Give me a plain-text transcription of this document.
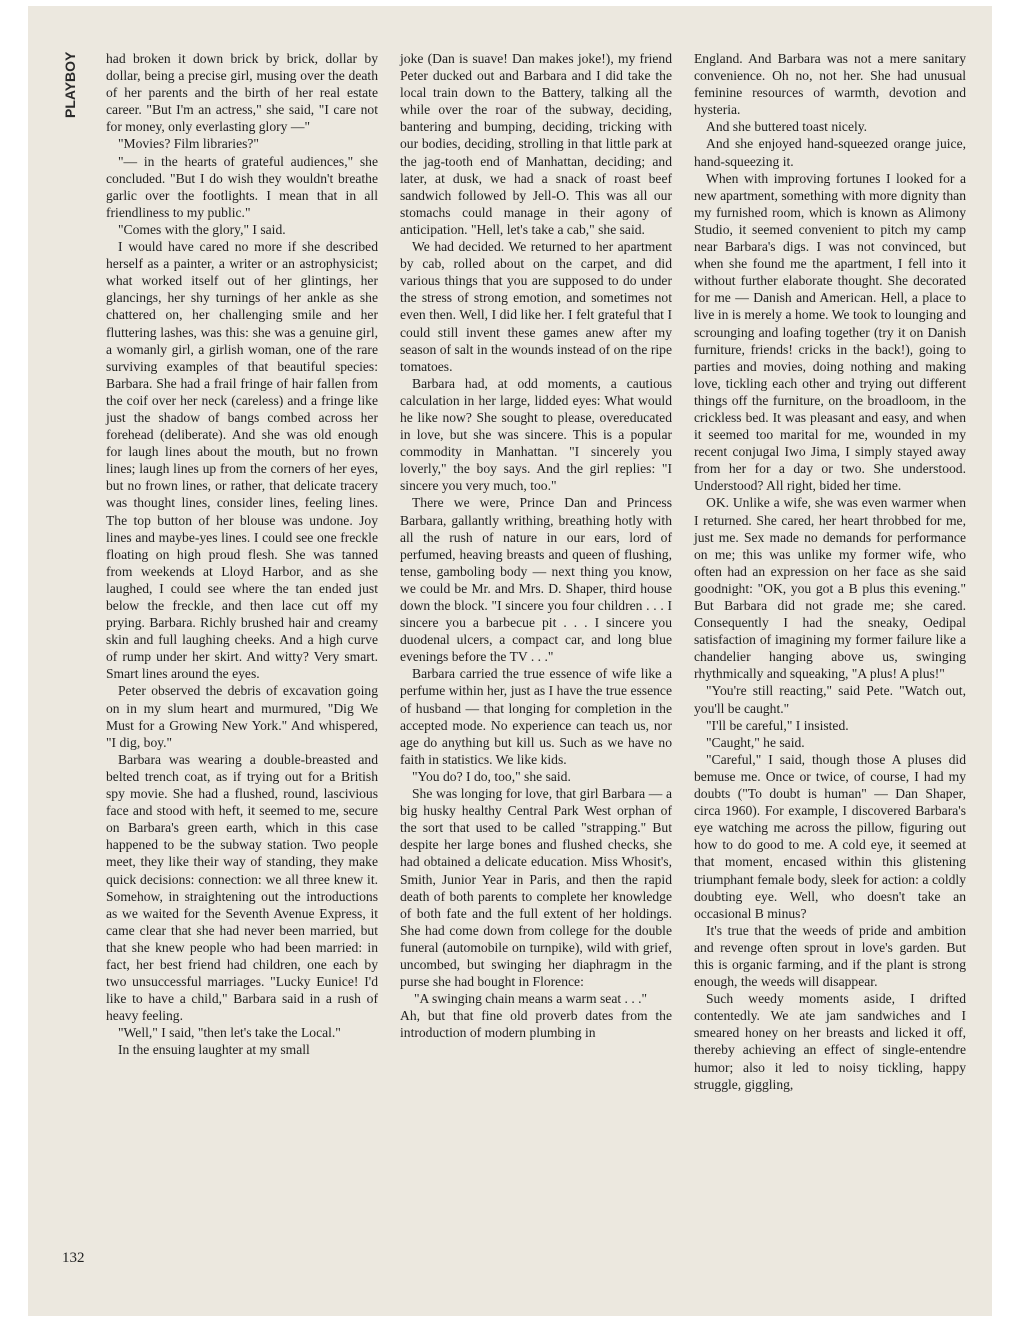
PLAYBOY
132

had broken it down brick by brick, dollar by dollar, being a precise girl, musing over the death of her parents and the birth of her real estate career. "But I'm an actress," she said, "I care not for money, only everlasting glory —"

"Movies? Film libraries?"

"— in the hearts of grateful audiences," she concluded. "But I do wish they wouldn't breathe garlic over the footlights. I mean that in all friendliness to my public."

"Comes with the glory," I said.

I would have cared no more if she described herself as a painter, a writer or an astrophysicist; what worked itself out of her glintings, her glancings, her shy turnings of her ankle as she chattered on, her challenging smile and her fluttering lashes, was this: she was a genuine girl, a womanly girl, a girlish woman, one of the rare surviving examples of that beautiful species: Barbara. She had a frail fringe of hair fallen from the coif over her neck (careless) and a fringe like just the shadow of bangs combed across her forehead (deliberate). And she was old enough for laugh lines about the mouth, but no frown lines; laugh lines up from the corners of her eyes, but no frown lines, or rather, that delicate tracery was thought lines, consider lines, feeling lines. The top button of her blouse was undone. Joy lines and maybe-yes lines. I could see one freckle floating on high proud flesh. She was tanned from weekends at Lloyd Harbor, and as she laughed, I could see where the tan ended just below the freckle, and then lace cut off my prying. Barbara. Richly brushed hair and creamy skin and full laughing cheeks. And a high curve of rump under her skirt. And witty? Very smart. Smart lines around the eyes.

Peter observed the debris of excavation going on in my slum heart and murmured, "Dig We Must for a Growing New York." And whispered, "I dig, boy."

Barbara was wearing a double-breasted and belted trench coat, as if trying out for a British spy movie. She had a flushed, round, lascivious face and stood with heft, it seemed to me, secure on Barbara's green earth, which in this case happened to be the subway station. Two people meet, they like their way of standing, they make quick decisions: connection: we all three knew it. Somehow, in straightening out the introductions as we waited for the Seventh Avenue Express, it came clear that she had never been married, but that she knew people who had been married: in fact, her best friend had children, one each by two unsuccessful marriages. "Lucky Eunice! I'd like to have a child," Barbara said in a rush of heavy feeling.

"Well," I said, "then let's take the Local."

In the ensuing laughter at my small

joke (Dan is suave! Dan makes joke!), my friend Peter ducked out and Barbara and I did take the local train down to the Battery, talking all the while over the roar of the subway, deciding, bantering and bumping, deciding, tricking with our bodies, deciding, strolling in that little park at the jag-tooth end of Manhattan, deciding; and later, at dusk, we had a snack of roast beef sandwich followed by Jell-O. This was all our stomachs could manage in their agony of anticipation. "Hell, let's take a cab," she said.

We had decided. We returned to her apartment by cab, rolled about on the carpet, and did various things that you are supposed to do under the stress of strong emotion, and sometimes not even then. Well, I did like her. I felt grateful that I could still invent these games anew after my season of salt in the wounds instead of on the ripe tomatoes.

Barbara had, at odd moments, a cautious calculation in her large, lidded eyes: What would he like now? She sought to please, overeducated in love, but she was sincere. This is a popular commodity in Manhattan. "I sincerely you loverly," the boy says. And the girl replies: "I sincere you very much, too."

There we were, Prince Dan and Princess Barbara, gallantly writhing, breathing hotly with all the rush of nature in our ears, lord of perfumed, heaving breasts and queen of flushing, tense, gamboling body — next thing you know, we could be Mr. and Mrs. D. Shaper, third house down the block. "I sincere you four children . . . I sincere you a barbecue pit . . . I sincere you duodenal ulcers, a compact car, and long blue evenings before the TV . . ."

Barbara carried the true essence of wife like a perfume within her, just as I have the true essence of husband — that longing for completion in the accepted mode. No experience can teach us, nor age do anything but kill us. Such as we have no faith in statistics. We like kids.

"You do? I do, too," she said.

She was longing for love, that girl Barbara — a big husky healthy Central Park West orphan of the sort that used to be called "strapping." But despite her large bones and flushed checks, she had obtained a delicate education. Miss Whosit's, Smith, Junior Year in Paris, and then the rapid death of both parents to complete her knowledge of both fate and the full extent of her holdings. She had come down from college for the double funeral (automobile on turnpike), wild with grief, uncombed, but swinging her diaphragm in the purse she had bought in Florence:

"A swinging chain means a warm seat . . ."

Ah, but that fine old proverb dates from the introduction of modern plumbing in

England. And Barbara was not a mere sanitary convenience. Oh no, not her. She had unusual feminine resources of warmth, devotion and hysteria.

And she buttered toast nicely.

And she enjoyed hand-squeezed orange juice, hand-squeezing it.

When with improving fortunes I looked for a new apartment, something with more dignity than my furnished room, which is known as Alimony Studio, it seemed convenient to pitch my camp near Barbara's digs. I was not convinced, but when she found me the apartment, I fell into it without further elaborate thought. She decorated for me — Danish and American. Hell, a place to live in is merely a home. We took to lounging and scrounging and loafing together (try it on Danish furniture, friends! cricks in the back!), going to parties and movies, doing nothing and making love, tickling each other and trying out different things off the furniture, on the broadloom, in the crickless bed. It was pleasant and easy, and when it seemed too marital for me, wounded in my recent conjugal Iwo Jima, I simply stayed away from her for a day or two. She understood. Understood? All right, bided her time.

OK. Unlike a wife, she was even warmer when I returned. She cared, her heart throbbed for me, just me. Sex made no demands for performance on me; this was unlike my former wife, who often had an expression on her face as she said goodnight: "OK, you got a B plus this evening." But Barbara did not grade me; she cared. Consequently I had the sneaky, Oedipal satisfaction of imagining my former failure like a chandelier hanging above us, swinging rhythmically and squeaking, "A plus! A plus!"

"You're still reacting," said Pete. "Watch out, you'll be caught."

"I'll be careful," I insisted.

"Caught," he said.

"Careful," I said, though those A pluses did bemuse me. Once or twice, of course, I had my doubts ("To doubt is human" — Dan Shaper, circa 1960). For example, I discovered Barbara's eye watching me across the pillow, figuring out how to do good to me. A cold eye, it seemed at that moment, encased within this glistening triumphant female body, sleek for action: a coldly doubting eye. Well, who doesn't take an occasional B minus?

It's true that the weeds of pride and ambition and revenge often sprout in love's garden. But this is organic farming, and if the plant is strong enough, the weeds will disappear.

Such weedy moments aside, I drifted contentedly. We ate jam sandwiches and I smeared honey on her breasts and licked it off, thereby achieving an effect of single-entendre humor; also it led to noisy tickling, happy struggle, giggling,
